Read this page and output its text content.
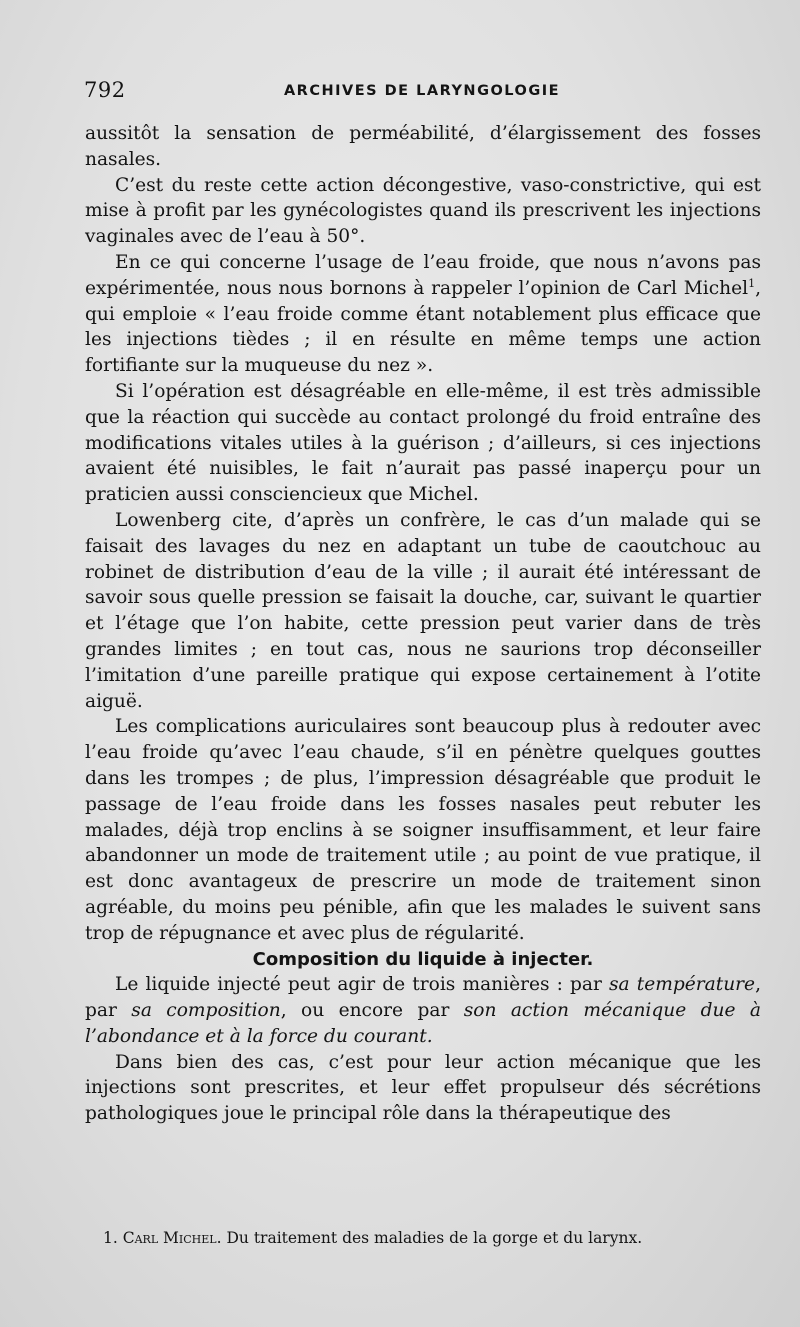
792	ARCHIVES DE LARYNGOLOGIE

aussitôt la sensation de perméabilité, d’élargissement des fosses nasales.

C’est du reste cette action décongestive, vaso-constrictive, qui est mise à profit par les gynécologistes quand ils prescrivent les injections vaginales avec de l’eau à 50°.

En ce qui concerne l’usage de l’eau froide, que nous n’avons pas expérimentée, nous nous bornons à rappeler l’opinion de Carl Michel$^1$, qui emploie « l’eau froide comme étant notablement plus efficace que les injections tièdes ; il en résulte en même temps une action fortifiante sur la muqueuse du nez ».

Si l’opération est désagréable en elle-même, il est très admissible que la réaction qui succède au contact prolongé du froid entraîne des modifications vitales utiles à la guérison ; d’ailleurs, si ces injections avaient été nuisibles, le fait n’aurait pas passé inaperçu pour un praticien aussi consciencieux que Michel.

Lowenberg cite, d’après un confrère, le cas d’un malade qui se faisait des lavages du nez en adaptant un tube de caoutchouc au robinet de distribution d’eau de la ville ; il aurait été intéressant de savoir sous quelle pression se faisait la douche, car, suivant le quartier et l’étage que l’on habite, cette pression peut varier dans de très grandes limites ; en tout cas, nous ne saurions trop déconseiller l’imitation d’une pareille pratique qui expose certainement à l’otite aiguë.

Les complications auriculaires sont beaucoup plus à redouter avec l’eau froide qu’avec l’eau chaude, s’il en pénètre quelques gouttes dans les trompes ; de plus, l’impression désagréable que produit le passage de l’eau froide dans les fosses nasales peut rebuter les malades, déjà trop enclins à se soigner insuffisamment, et leur faire abandonner un mode de traitement utile ; au point de vue pratique, il est donc avantageux de prescrire un mode de traitement sinon agréable, du moins peu pénible, afin que les malades le suivent sans trop de répugnance et avec plus de régularité.

Composition du liquide à injecter.

Le liquide injecté peut agir de trois manières : par sa température, par sa composition, ou encore par son action mécanique due à l’abondance et à la force du courant.

Dans bien des cas, c’est pour leur action mécanique que les injections sont prescrites, et leur effet propulseur dés sécrétions pathologiques joue le principal rôle dans la thérapeutique des

1. Carl Michel. Du traitement des maladies de la gorge et du larynx.
